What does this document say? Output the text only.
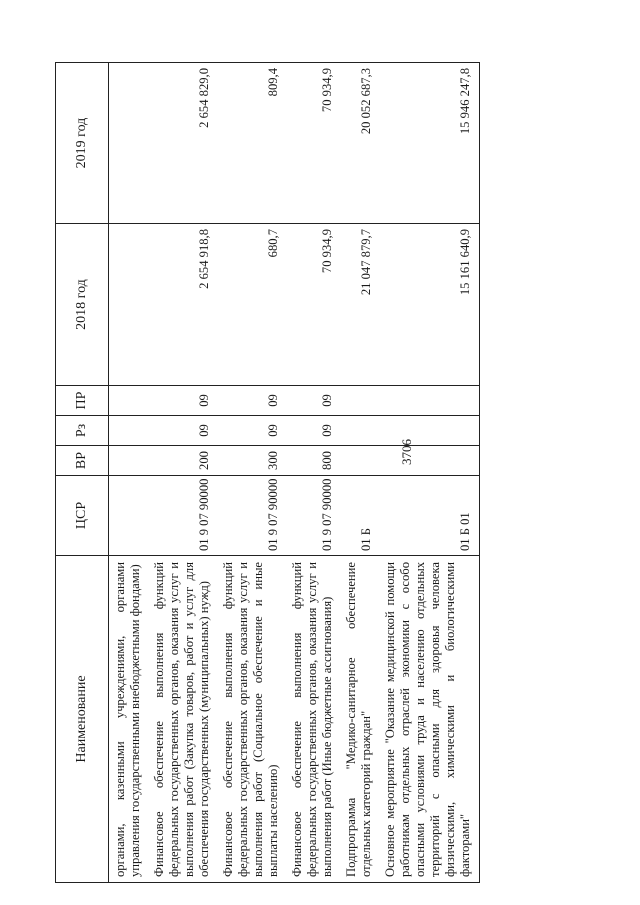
3706
Наименование	ЦСР	ВР	Рз	ПР	2018 год	2019 год
органами, казенными учреждениями, органами управления государственными внебюджетными фондами)						
Финансовое обеспечение выполнения функций федеральных государственных органов, оказания услуг и выполнения работ (Закупка товаров, работ и услуг для обеспечения государственных (муниципальных) нужд)	01 9 07 90000	200	09	09	2 654 918,8	2 654 829,0
Финансовое обеспечение выполнения функций федеральных государственных органов, оказания услуг и выполнения работ (Социальное обеспечение и иные выплаты населению)	01 9 07 90000	300	09	09	680,7	809,4
Финансовое обеспечение выполнения функций федеральных государственных органов, оказания услуг и выполнения работ (Иные бюджетные ассигнования)	01 9 07 90000	800	09	09	70 934,9	70 934,9
Подпрограмма "Медико-санитарное обеспечение отдельных категорий граждан"	01 Б				21 047 879,7	20 052 687,3
Основное мероприятие "Оказание медицинской помощи работникам отдельных отраслей экономики с особо опасными условиями труда и населению отдельных территорий с опасными для здоровья человека физическими, химическими и биологическими факторами"	01 Б 01				15 161 640,9	15 946 247,8
